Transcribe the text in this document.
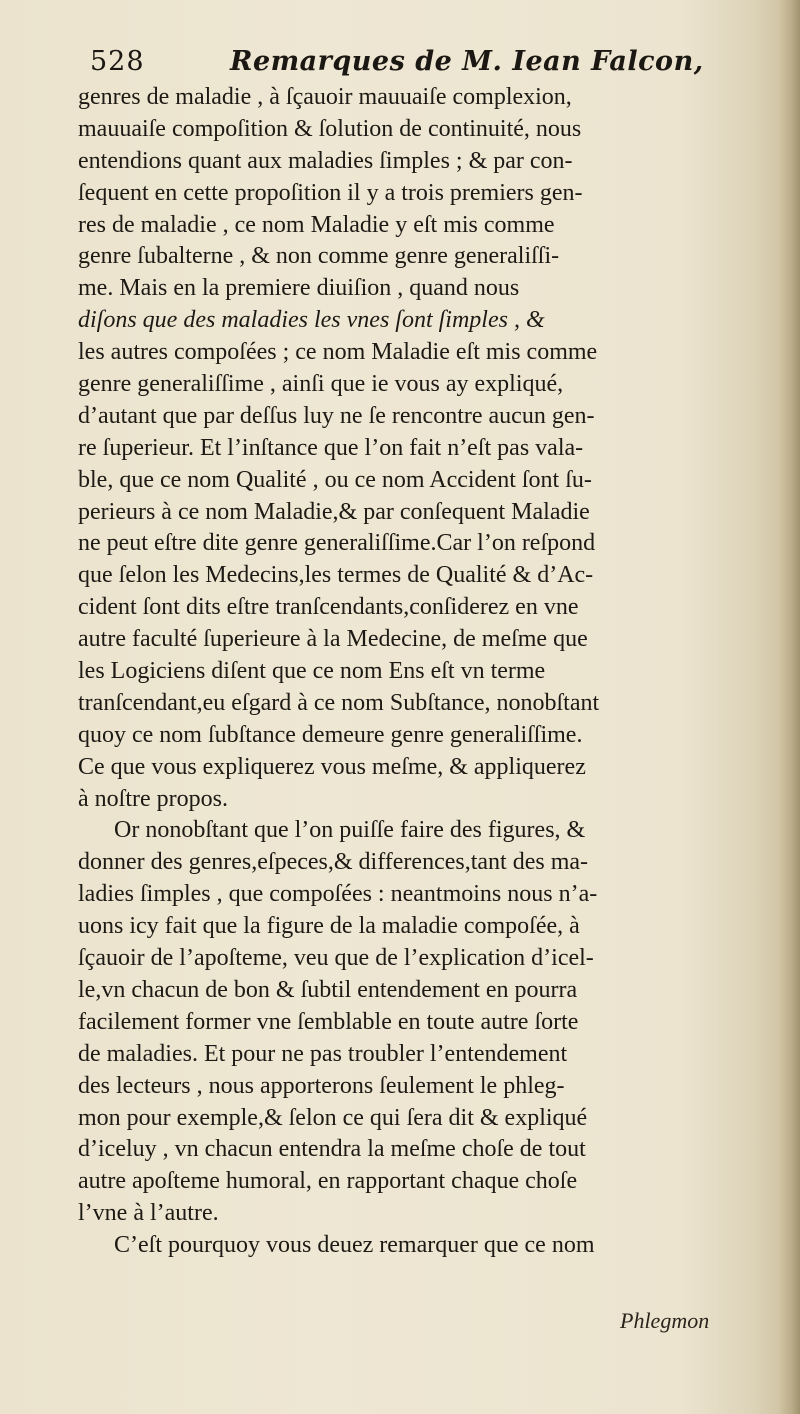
528	Remarques de M. Iean Falcon,
genres de maladie , à ſçauoir mauuaiſe complexion,
mauuaiſe compoſition & ſolution de continuité, nous
entendions quant aux maladies ſimples ; & par con-
ſequent en cette propoſition il y a trois premiers gen-
res de maladie , ce nom Maladie y eſt mis comme
genre ſubalterne , & non comme genre generaliſſi-
me. Mais en la premiere diuiſion , quand nous
diſons que des maladies les vnes ſont ſimples , &
les autres compoſées ; ce nom Maladie eſt mis comme
genre generaliſſime , ainſi que ie vous ay expliqué,
d’autant que par deſſus luy ne ſe rencontre aucun gen-
re ſuperieur. Et l’inſtance que l’on fait n’eſt pas vala-
ble, que ce nom Qualité , ou ce nom Accident ſont ſu-
perieurs à ce nom Maladie,& par conſequent Maladie
ne peut eſtre dite genre generaliſſime.Car l’on reſpond
que ſelon les Medecins,les termes de Qualité & d’Ac-
cident ſont dits eſtre tranſcendants,conſiderez en vne
autre faculté ſuperieure à la Medecine, de meſme que
les Logiciens diſent que ce nom Ens eſt vn terme
tranſcendant,eu eſgard à ce nom Subſtance, nonobſtant
quoy ce nom ſubſtance demeure genre generaliſſime.
Ce que vous expliquerez vous meſme, & appliquerez
à noſtre propos.
Or nonobſtant que l’on puiſſe faire des figures, &
donner des genres,eſpeces,& differences,tant des ma-
ladies ſimples , que compoſées : neantmoins nous n’a-
uons icy fait que la figure de la maladie compoſée, à
ſçauoir de l’apoſteme, veu que de l’explication d’icel-
le,vn chacun de bon & ſubtil entendement en pourra
facilement former vne ſemblable en toute autre ſorte
de maladies. Et pour ne pas troubler l’entendement
des lecteurs , nous apporterons ſeulement le phleg-
mon pour exemple,& ſelon ce qui ſera dit & expliqué
d’iceluy , vn chacun entendra la meſme choſe de tout
autre apoſteme humoral, en rapportant chaque choſe
l’vne à l’autre.
C’eſt pourquoy vous deuez remarquer que ce nom
Phlegmon
